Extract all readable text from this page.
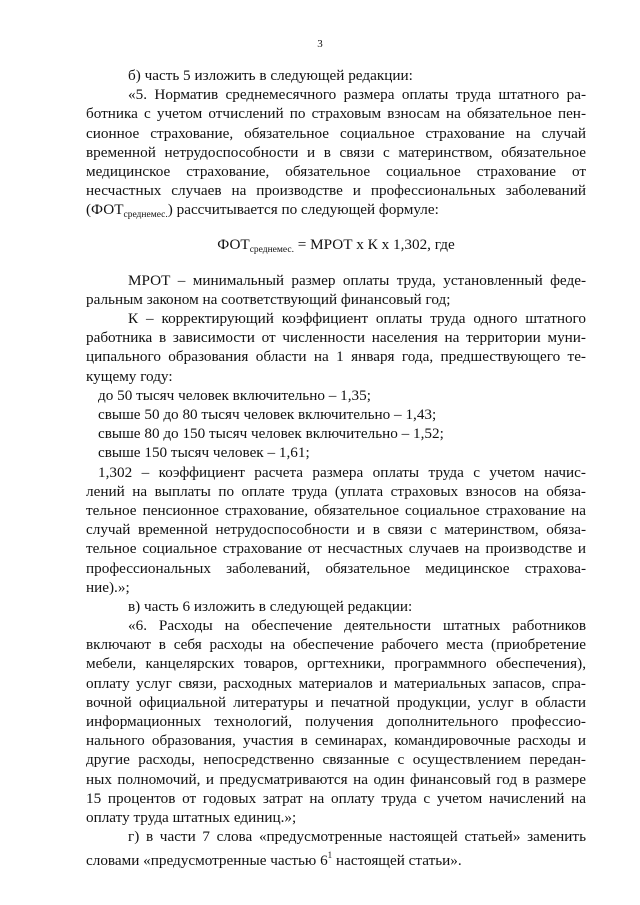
3
б) часть 5 изложить в следующей редакции:
«5. Норматив среднемесячного размера оплаты труда штатного ра-
ботника с учетом отчислений по страховым взносам на обязательное пен-
сионное страхование, обязательное социальное страхование на случай
временной нетрудоспособности и в связи с материнством, обязательное
медицинское страхование, обязательное социальное страхование от
несчастных случаев на производстве и профессиональных заболеваний
$(ФОТ_{среднемес.})$ рассчитывается по следующей формуле:
$ФОТ_{среднемес.}$ = МРОТ х К х 1,302, где
МРОТ – минимальный размер оплаты труда, установленный феде-
ральным законом на соответствующий финансовый год;
К – корректирующий коэффициент оплаты труда одного штатного
работника в зависимости от численности населения на территории муни-
ципального образования области на 1 января года, предшествующего те-
кущему году:
до 50 тысяч человек включительно – 1,35;
свыше 50 до 80 тысяч человек включительно – 1,43;
свыше 80 до 150 тысяч человек включительно – 1,52;
свыше 150 тысяч человек – 1,61;
1,302 – коэффициент расчета размера оплаты труда с учетом начис-
лений на выплаты по оплате труда (уплата страховых взносов на обяза-
тельное пенсионное страхование, обязательное социальное страхование на
случай временной нетрудоспособности и в связи с материнством, обяза-
тельное социальное страхование от несчастных случаев на производстве и
профессиональных заболеваний, обязательное медицинское страхова-
ние).»;
в) часть 6 изложить в следующей редакции:
«6. Расходы на обеспечение деятельности штатных работников
включают в себя расходы на обеспечение рабочего места (приобретение
мебели, канцелярских товаров, оргтехники, программного обеспечения),
оплату услуг связи, расходных материалов и материальных запасов, спра-
вочной официальной литературы и печатной продукции, услуг в области
информационных технологий, получения дополнительного профессио-
нального образования, участия в семинарах, командировочные расходы и
другие расходы, непосредственно связанные с осуществлением передан-
ных полномочий, и предусматриваются на один финансовый год в размере
15 процентов от годовых затрат на оплату труда с учетом начислений на
оплату труда штатных единиц.»;
г) в части 7 слова «предусмотренные настоящей статьей» заменить
словами «предусмотренные частью $6^1$ настоящей статьи».
